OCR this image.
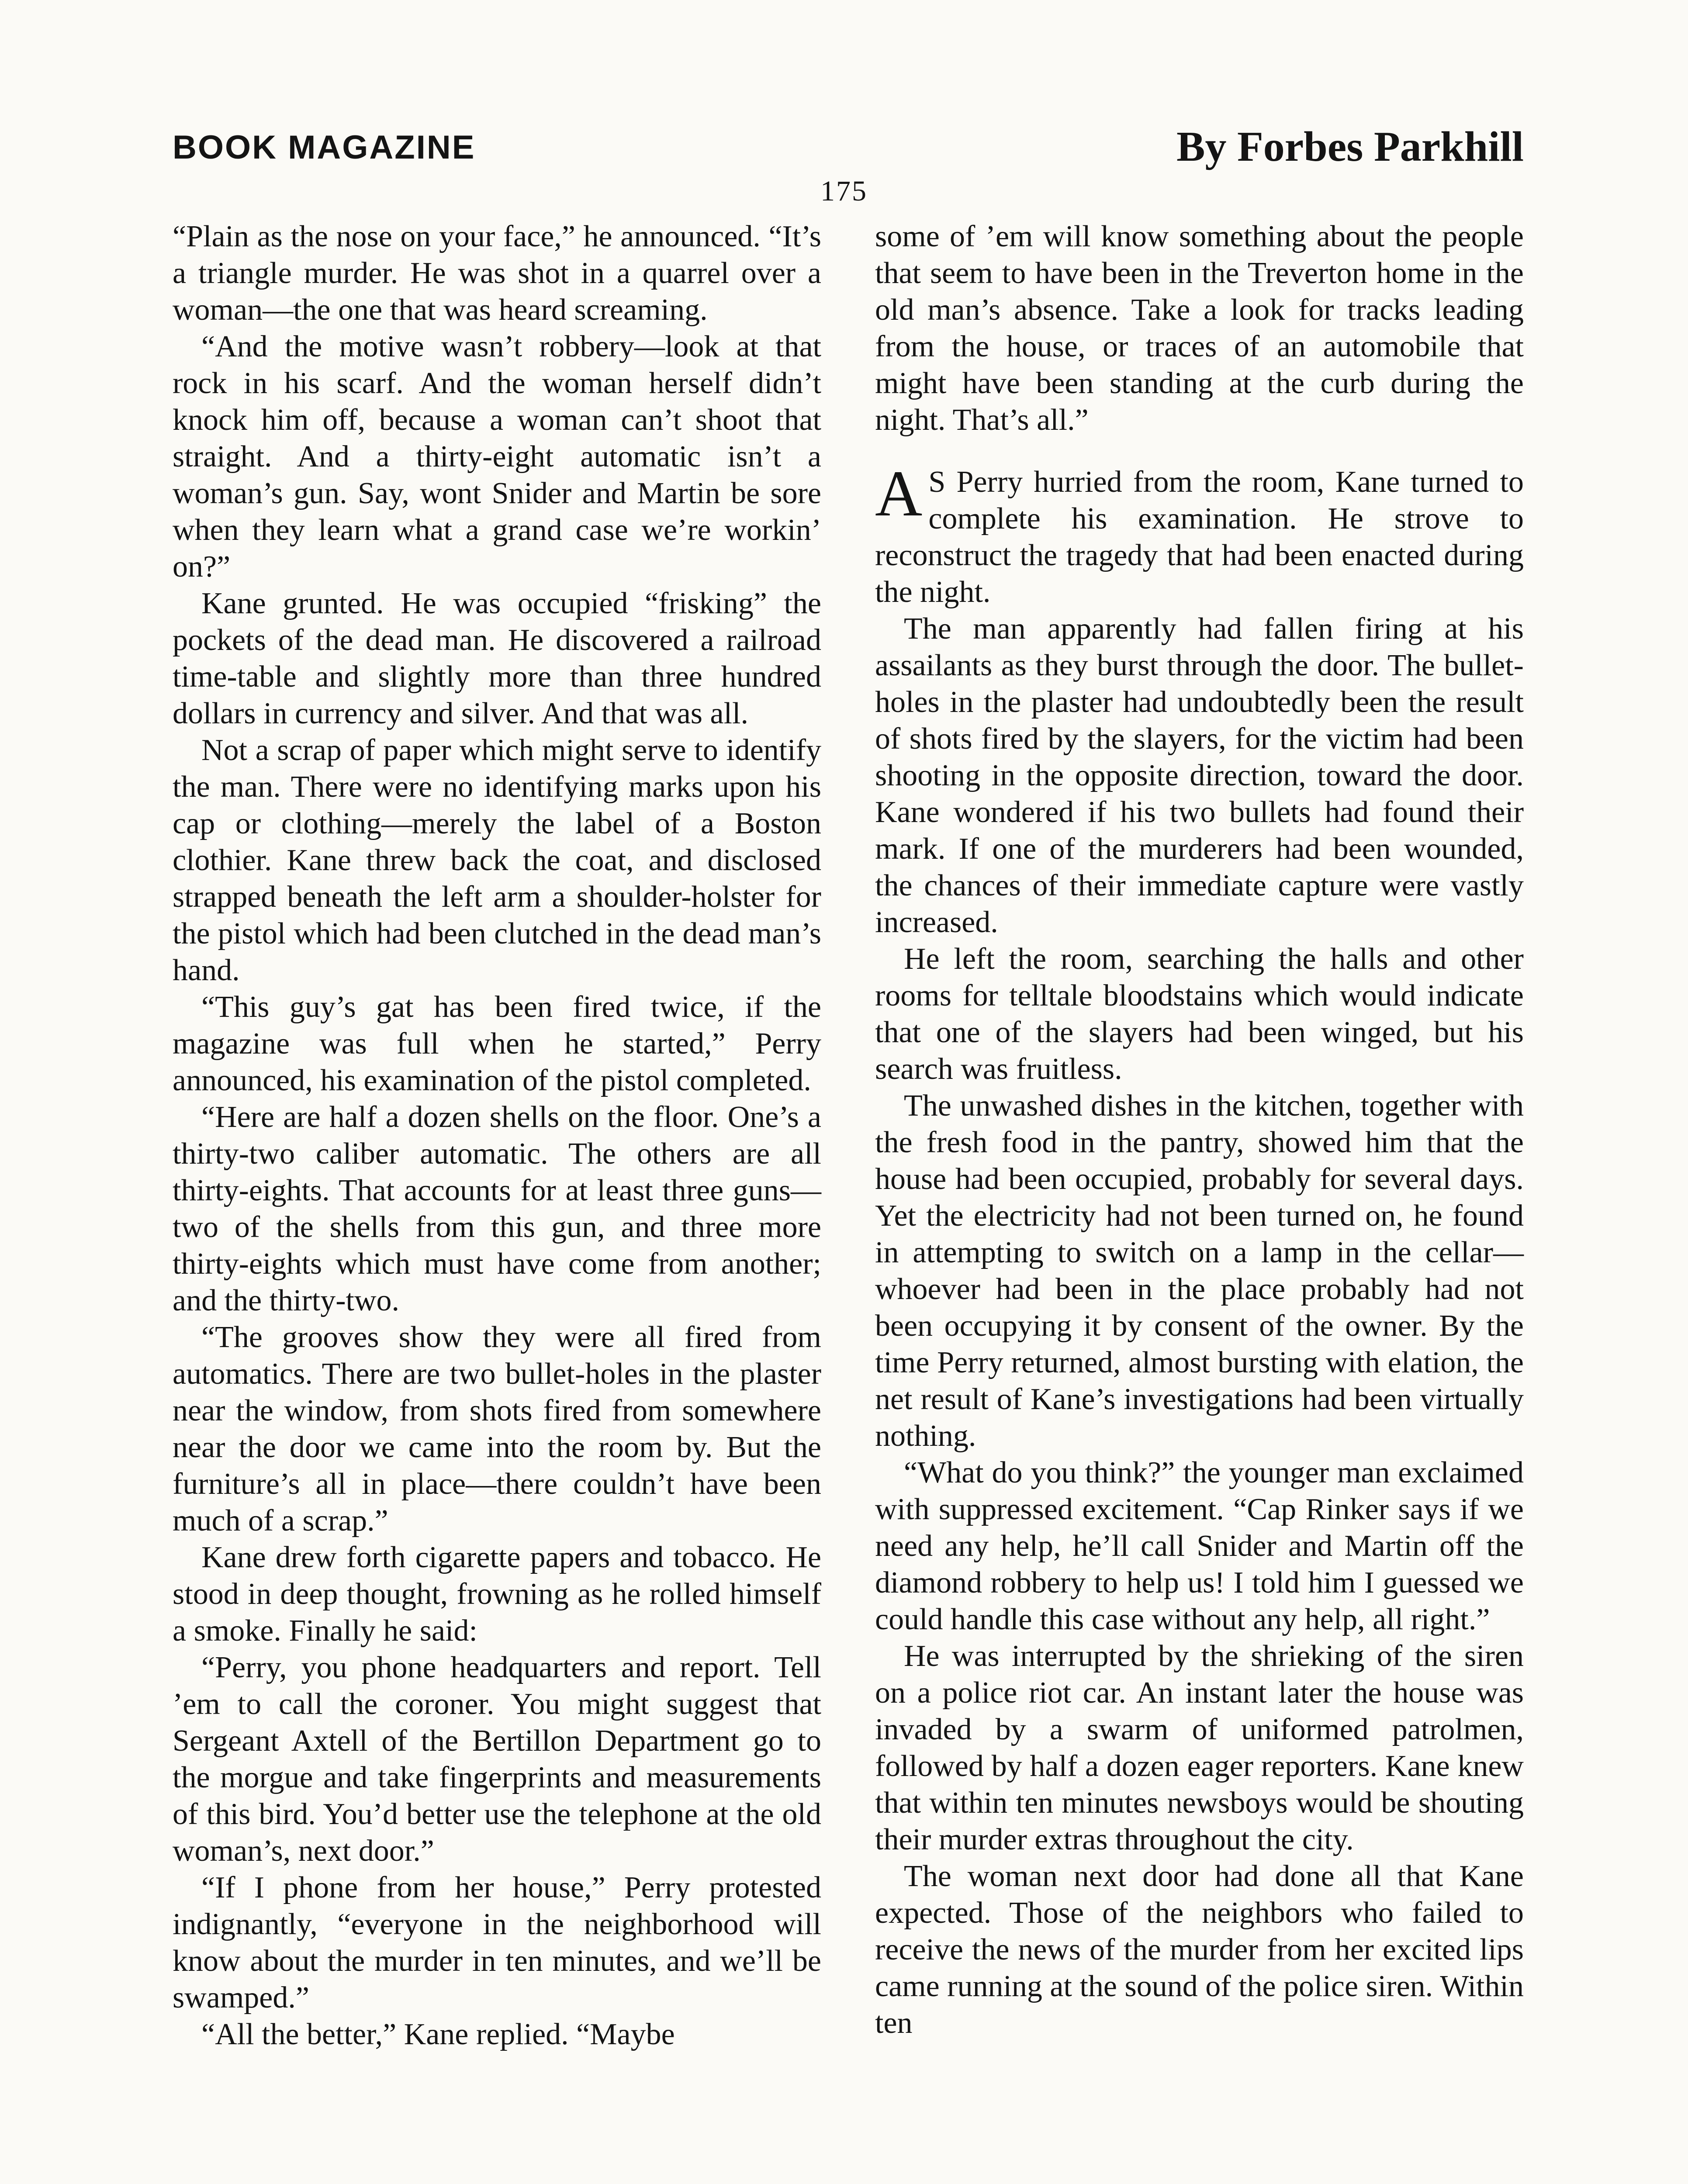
BOOK MAGAZINE	By Forbes Parkhill
175

“Plain as the nose on your face,” he announced. “It’s a triangle murder. He was shot in a quarrel over a woman—the one that was heard screaming.

“And the motive wasn’t robbery—look at that rock in his scarf. And the woman herself didn’t knock him off, because a woman can’t shoot that straight. And a thirty-eight automatic isn’t a woman’s gun. Say, wont Snider and Martin be sore when they learn what a grand case we’re workin’ on?”

Kane grunted. He was occupied “frisking” the pockets of the dead man. He discovered a railroad time-table and slightly more than three hundred dollars in currency and silver. And that was all.

Not a scrap of paper which might serve to identify the man. There were no identifying marks upon his cap or clothing—merely the label of a Boston clothier. Kane threw back the coat, and disclosed strapped beneath the left arm a shoulder-holster for the pistol which had been clutched in the dead man’s hand.

“This guy’s gat has been fired twice, if the magazine was full when he started,” Perry announced, his examination of the pistol completed.

“Here are half a dozen shells on the floor. One’s a thirty-two caliber automatic. The others are all thirty-eights. That accounts for at least three guns—two of the shells from this gun, and three more thirty-eights which must have come from another; and the thirty-two.

“The grooves show they were all fired from automatics. There are two bullet-holes in the plaster near the window, from shots fired from somewhere near the door we came into the room by. But the furniture’s all in place—there couldn’t have been much of a scrap.”

Kane drew forth cigarette papers and tobacco. He stood in deep thought, frowning as he rolled himself a smoke. Finally he said:

“Perry, you phone headquarters and report. Tell ’em to call the coroner. You might suggest that Sergeant Axtell of the Bertillon Department go to the morgue and take fingerprints and measurements of this bird. You’d better use the telephone at the old woman’s, next door.”

“If I phone from her house,” Perry protested indignantly, “everyone in the neighborhood will know about the murder in ten minutes, and we’ll be swamped.”

“All the better,” Kane replied. “Maybe

some of ’em will know something about the people that seem to have been in the Treverton home in the old man’s absence. Take a look for tracks leading from the house, or traces of an automobile that might have been standing at the curb during the night. That’s all.”

A S Perry hurried from the room, Kane turned to complete his examination. He strove to reconstruct the tragedy that had been enacted during the night.

The man apparently had fallen firing at his assailants as they burst through the door. The bullet-holes in the plaster had undoubtedly been the result of shots fired by the slayers, for the victim had been shooting in the opposite direction, toward the door. Kane wondered if his two bullets had found their mark. If one of the murderers had been wounded, the chances of their immediate capture were vastly increased.

He left the room, searching the halls and other rooms for telltale bloodstains which would indicate that one of the slayers had been winged, but his search was fruitless.

The unwashed dishes in the kitchen, together with the fresh food in the pantry, showed him that the house had been occupied, probably for several days. Yet the electricity had not been turned on, he found in attempting to switch on a lamp in the cellar—whoever had been in the place probably had not been occupying it by consent of the owner. By the time Perry returned, almost bursting with elation, the net result of Kane’s investigations had been virtually nothing.

“What do you think?” the younger man exclaimed with suppressed excitement. “Cap Rinker says if we need any help, he’ll call Snider and Martin off the diamond robbery to help us! I told him I guessed we could handle this case without any help, all right.”

He was interrupted by the shrieking of the siren on a police riot car. An instant later the house was invaded by a swarm of uniformed patrolmen, followed by half a dozen eager reporters. Kane knew that within ten minutes newsboys would be shouting their murder extras throughout the city.

The woman next door had done all that Kane expected. Those of the neighbors who failed to receive the news of the murder from her excited lips came running at the sound of the police siren. Within ten
